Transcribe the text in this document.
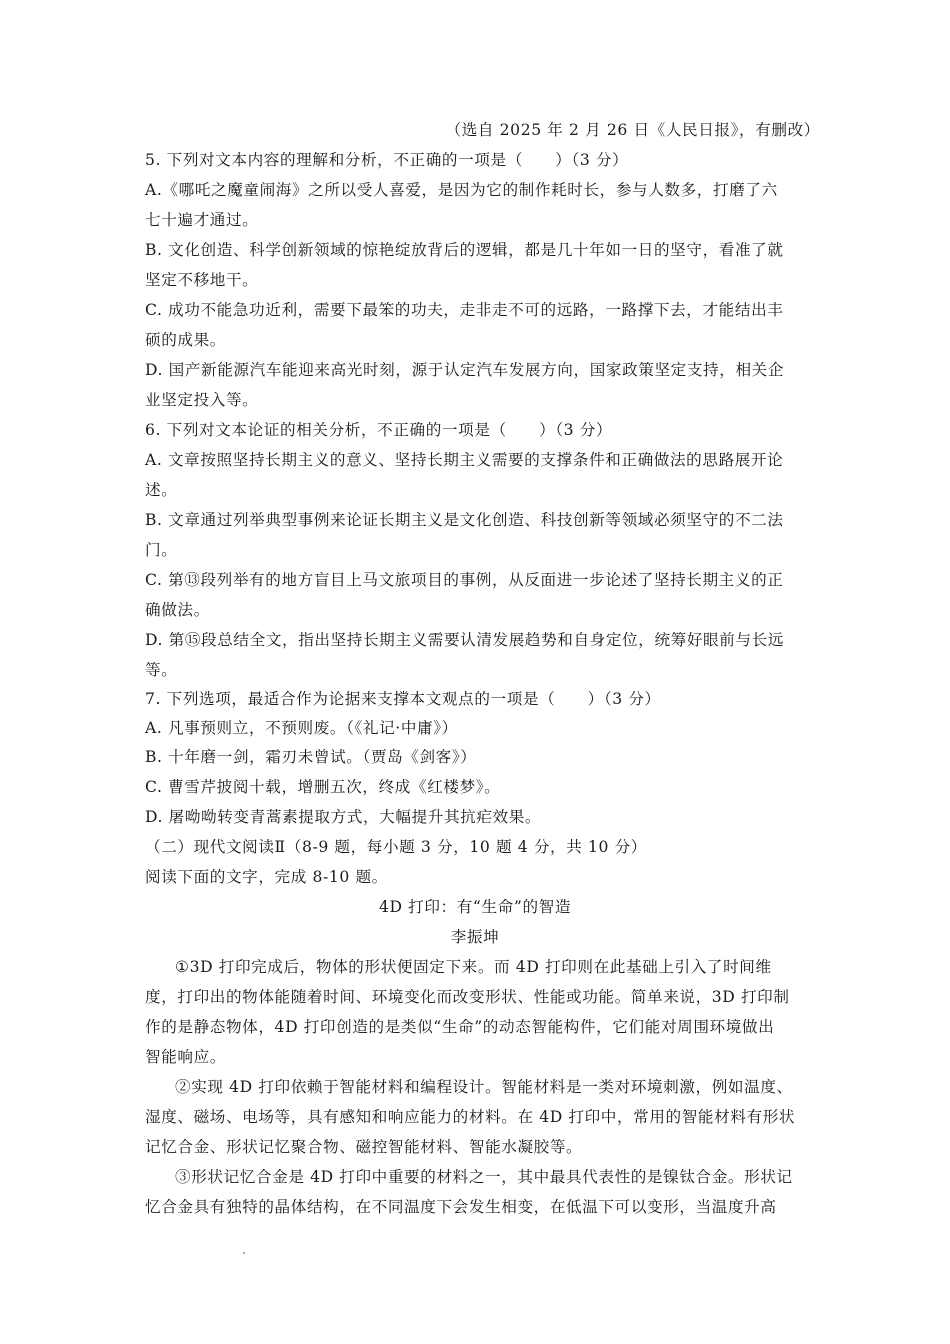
（选自 2025 年 2 月 26 日《人民日报》，有删改）
5. 下列对文本内容的理解和分析，不正确的一项是（　　）（3 分）
A.《哪吒之魔童闹海》之所以受人喜爱，是因为它的制作耗时长，参与人数多，打磨了六
七十遍才通过。
B. 文化创造、科学创新领域的惊艳绽放背后的逻辑，都是几十年如一日的坚守，看准了就
坚定不移地干。
C. 成功不能急功近利，需要下最笨的功夫，走非走不可的远路，一路撑下去，才能结出丰
硕的成果。
D. 国产新能源汽车能迎来高光时刻，源于认定汽车发展方向，国家政策坚定支持，相关企
业坚定投入等。
6. 下列对文本论证的相关分析，不正确的一项是（　　）（3 分）
A. 文章按照坚持长期主义的意义、坚持长期主义需要的支撑条件和正确做法的思路展开论
述。
B. 文章通过列举典型事例来论证长期主义是文化创造、科技创新等领域必须坚守的不二法
门。
C. 第⑬段列举有的地方盲目上马文旅项目的事例，从反面进一步论述了坚持长期主义的正
确做法。
D. 第⑮段总结全文，指出坚持长期主义需要认清发展趋势和自身定位，统筹好眼前与长远
等。
7. 下列选项，最适合作为论据来支撑本文观点的一项是（　　）（3 分）
A. 凡事预则立，不预则废。（《礼记·中庸》）
B. 十年磨一剑，霜刃未曾试。（贾岛《剑客》）
C. 曹雪芹披阅十载，增删五次，终成《红楼梦》。
D. 屠呦呦转变青蒿素提取方式，大幅提升其抗疟效果。
（二）现代文阅读Ⅱ（8-9 题，每小题 3 分，10 题 4 分，共 10 分）
阅读下面的文字，完成 8-10 题。
4D 打印：有“生命”的智造
李振坤
①3D 打印完成后，物体的形状便固定下来。而 4D 打印则在此基础上引入了时间维
度，打印出的物体能随着时间、环境变化而改变形状、性能或功能。简单来说，3D 打印制
作的是静态物体，4D 打印创造的是类似“生命”的动态智能构件，它们能对周围环境做出
智能响应。
②实现 4D 打印依赖于智能材料和编程设计。智能材料是一类对环境刺激，例如温度、
湿度、磁场、电场等，具有感知和响应能力的材料。在 4D 打印中，常用的智能材料有形状
记忆合金、形状记忆聚合物、磁控智能材料、智能水凝胶等。
③形状记忆合金是 4D 打印中重要的材料之一，其中最具代表性的是镍钛合金。形状记
忆合金具有独特的晶体结构，在不同温度下会发生相变，在低温下可以变形，当温度升高
